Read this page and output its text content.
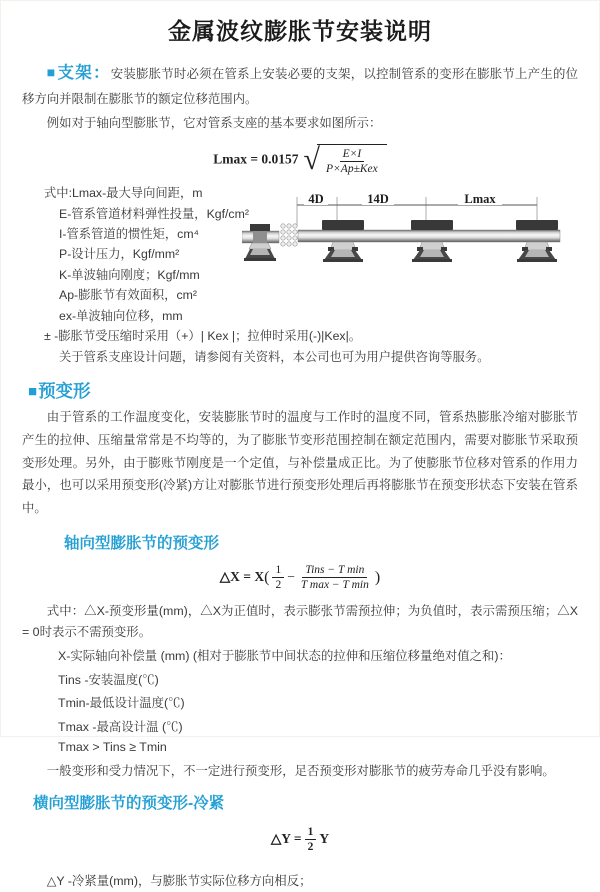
金属波纹膨胀节安装说明

■支架：安装膨胀节时必须在管系上安装必要的支架，以控制管系的变形在膨胀节上产生的位移方向并限制在膨胀节的额定位移范围内。

例如对于轴向型膨胀节，它对管系支座的基本要求如图所示：

Lmax = 0.0157 √ $\frac{E\times I}{\text{P×Ap±Kex}}$
式中:Lmax-最大导向间距，m
E-管系管道材料弹性投量，Kgf/cm²
I-管系管道的惯性矩，cm⁴
P-设计压力，Kgf/mm²
K-单波轴向刚度；Kgf/mm
Ap-膨胀节有效面积，cm²
ex-单波轴向位移，mm
± -膨胀节受压缩时采用（+）| Kex |；拉伸时采用(-)|Kex|。
关于管系支座设计问题，请参阅有关资料，本公司也可为用户提供咨询等服务。
4D	14D	Lmax
■预变形

由于管系的工作温度变化，安装膨胀节时的温度与工作时的温度不同，管系热膨胀冷缩对膨胀节产生的拉伸、压缩量常常是不均等的，为了膨胀节变形范围控制在额定范围内，需要对膨胀节采取预变形处理。另外，由于膨账节刚度是一个定值，与补偿量成正比。为了使膨胀节位移对管系的作用力最小，也可以采用预变形(冷紧)方让对膨胀节进行预变形处理后再将膨胀节在预变形状态下安装在管系中。

轴向型膨胀节的预变形
△X = $X( \frac{1}{2} - \frac{\text{Tins − T min}}{\text{T max − T min}}$ )

式中：△X-预变形量(mm)，△X为正值时，表示膨张节需预拉伸；为负值时，表示需预压缩；△X = 0时表示不需预变形。

X-实际轴向补偿量 (mm) (相对于膨胀节中间状态的拉伸和压缩位移量绝对值之和)：
Tins -安装温度(℃)
Tmin-最低设计温度(℃)
Tmax -最高设计温 (℃)
Tmax > Tins ≥ Tmin

一般变形和受力情况下，不一定进行预变形，足否预变形对膨胀节的疲劳寿命几乎没有影响。

横向型膨胀节的预变形-冷紧
△Y = $\frac{1}{2}$ Y

△Y -冷紧量(mm)，与膨胀节实际位移方向相反；
